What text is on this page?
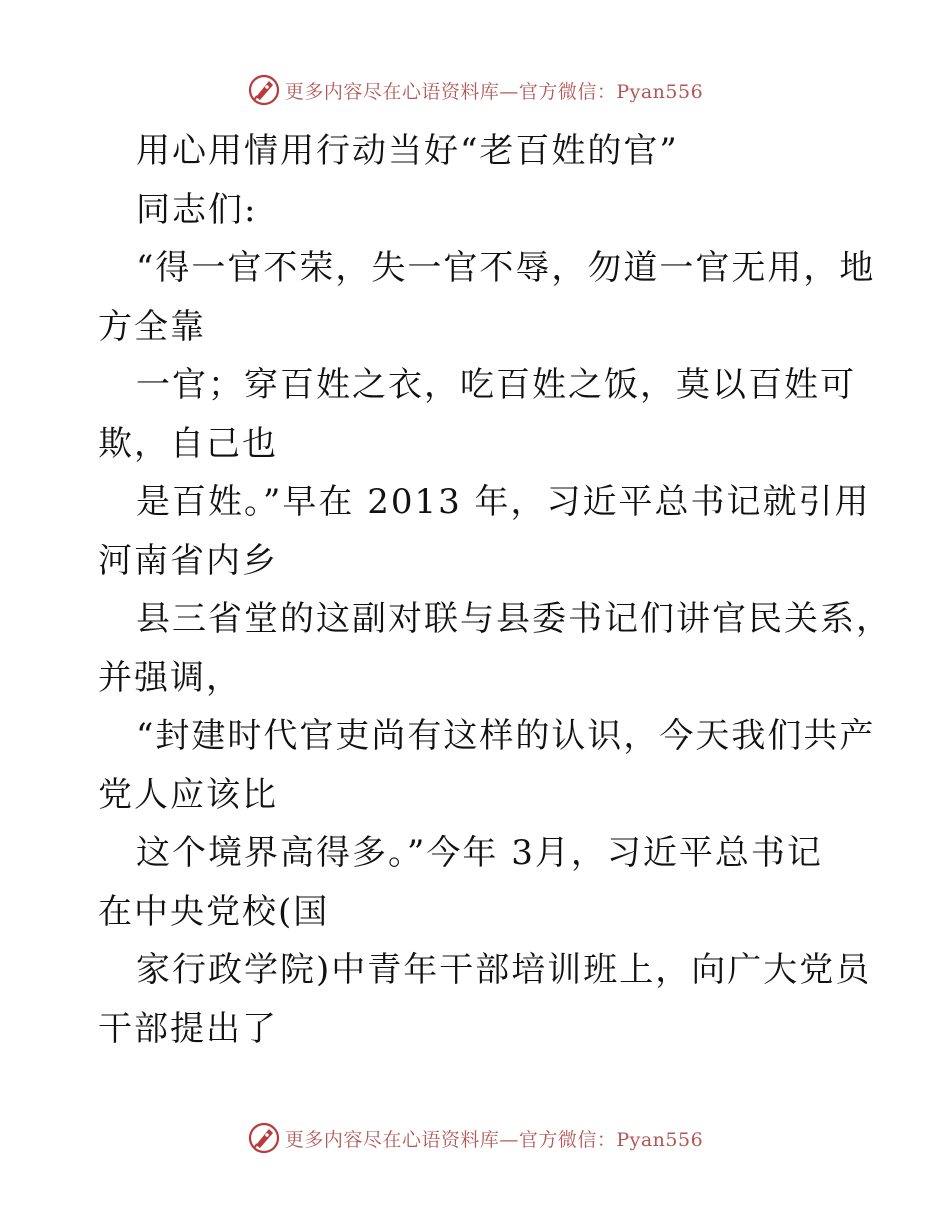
更多内容尽在心语资料库—官方微信：Pyan556
用心用情用行动当好“老百姓的官”
同志们:
“得一官不荣，失一官不辱，勿道一官无用，地
方全靠
一官；穿百姓之衣，吃百姓之饭，莫以百姓可
欺，自己也
是百姓。”早在 2013 年，习近平总书记就引用
河南省内乡
县三省堂的这副对联与县委书记们讲官民关系，
并强调，
“封建时代官吏尚有这样的认识，今天我们共产
党人应该比
这个境界高得多。”今年 3月，习近平总书记
在中央党校(国
家行政学院)中青年干部培训班上，向广大党员
干部提出了
更多内容尽在心语资料库—官方微信：Pyan556
